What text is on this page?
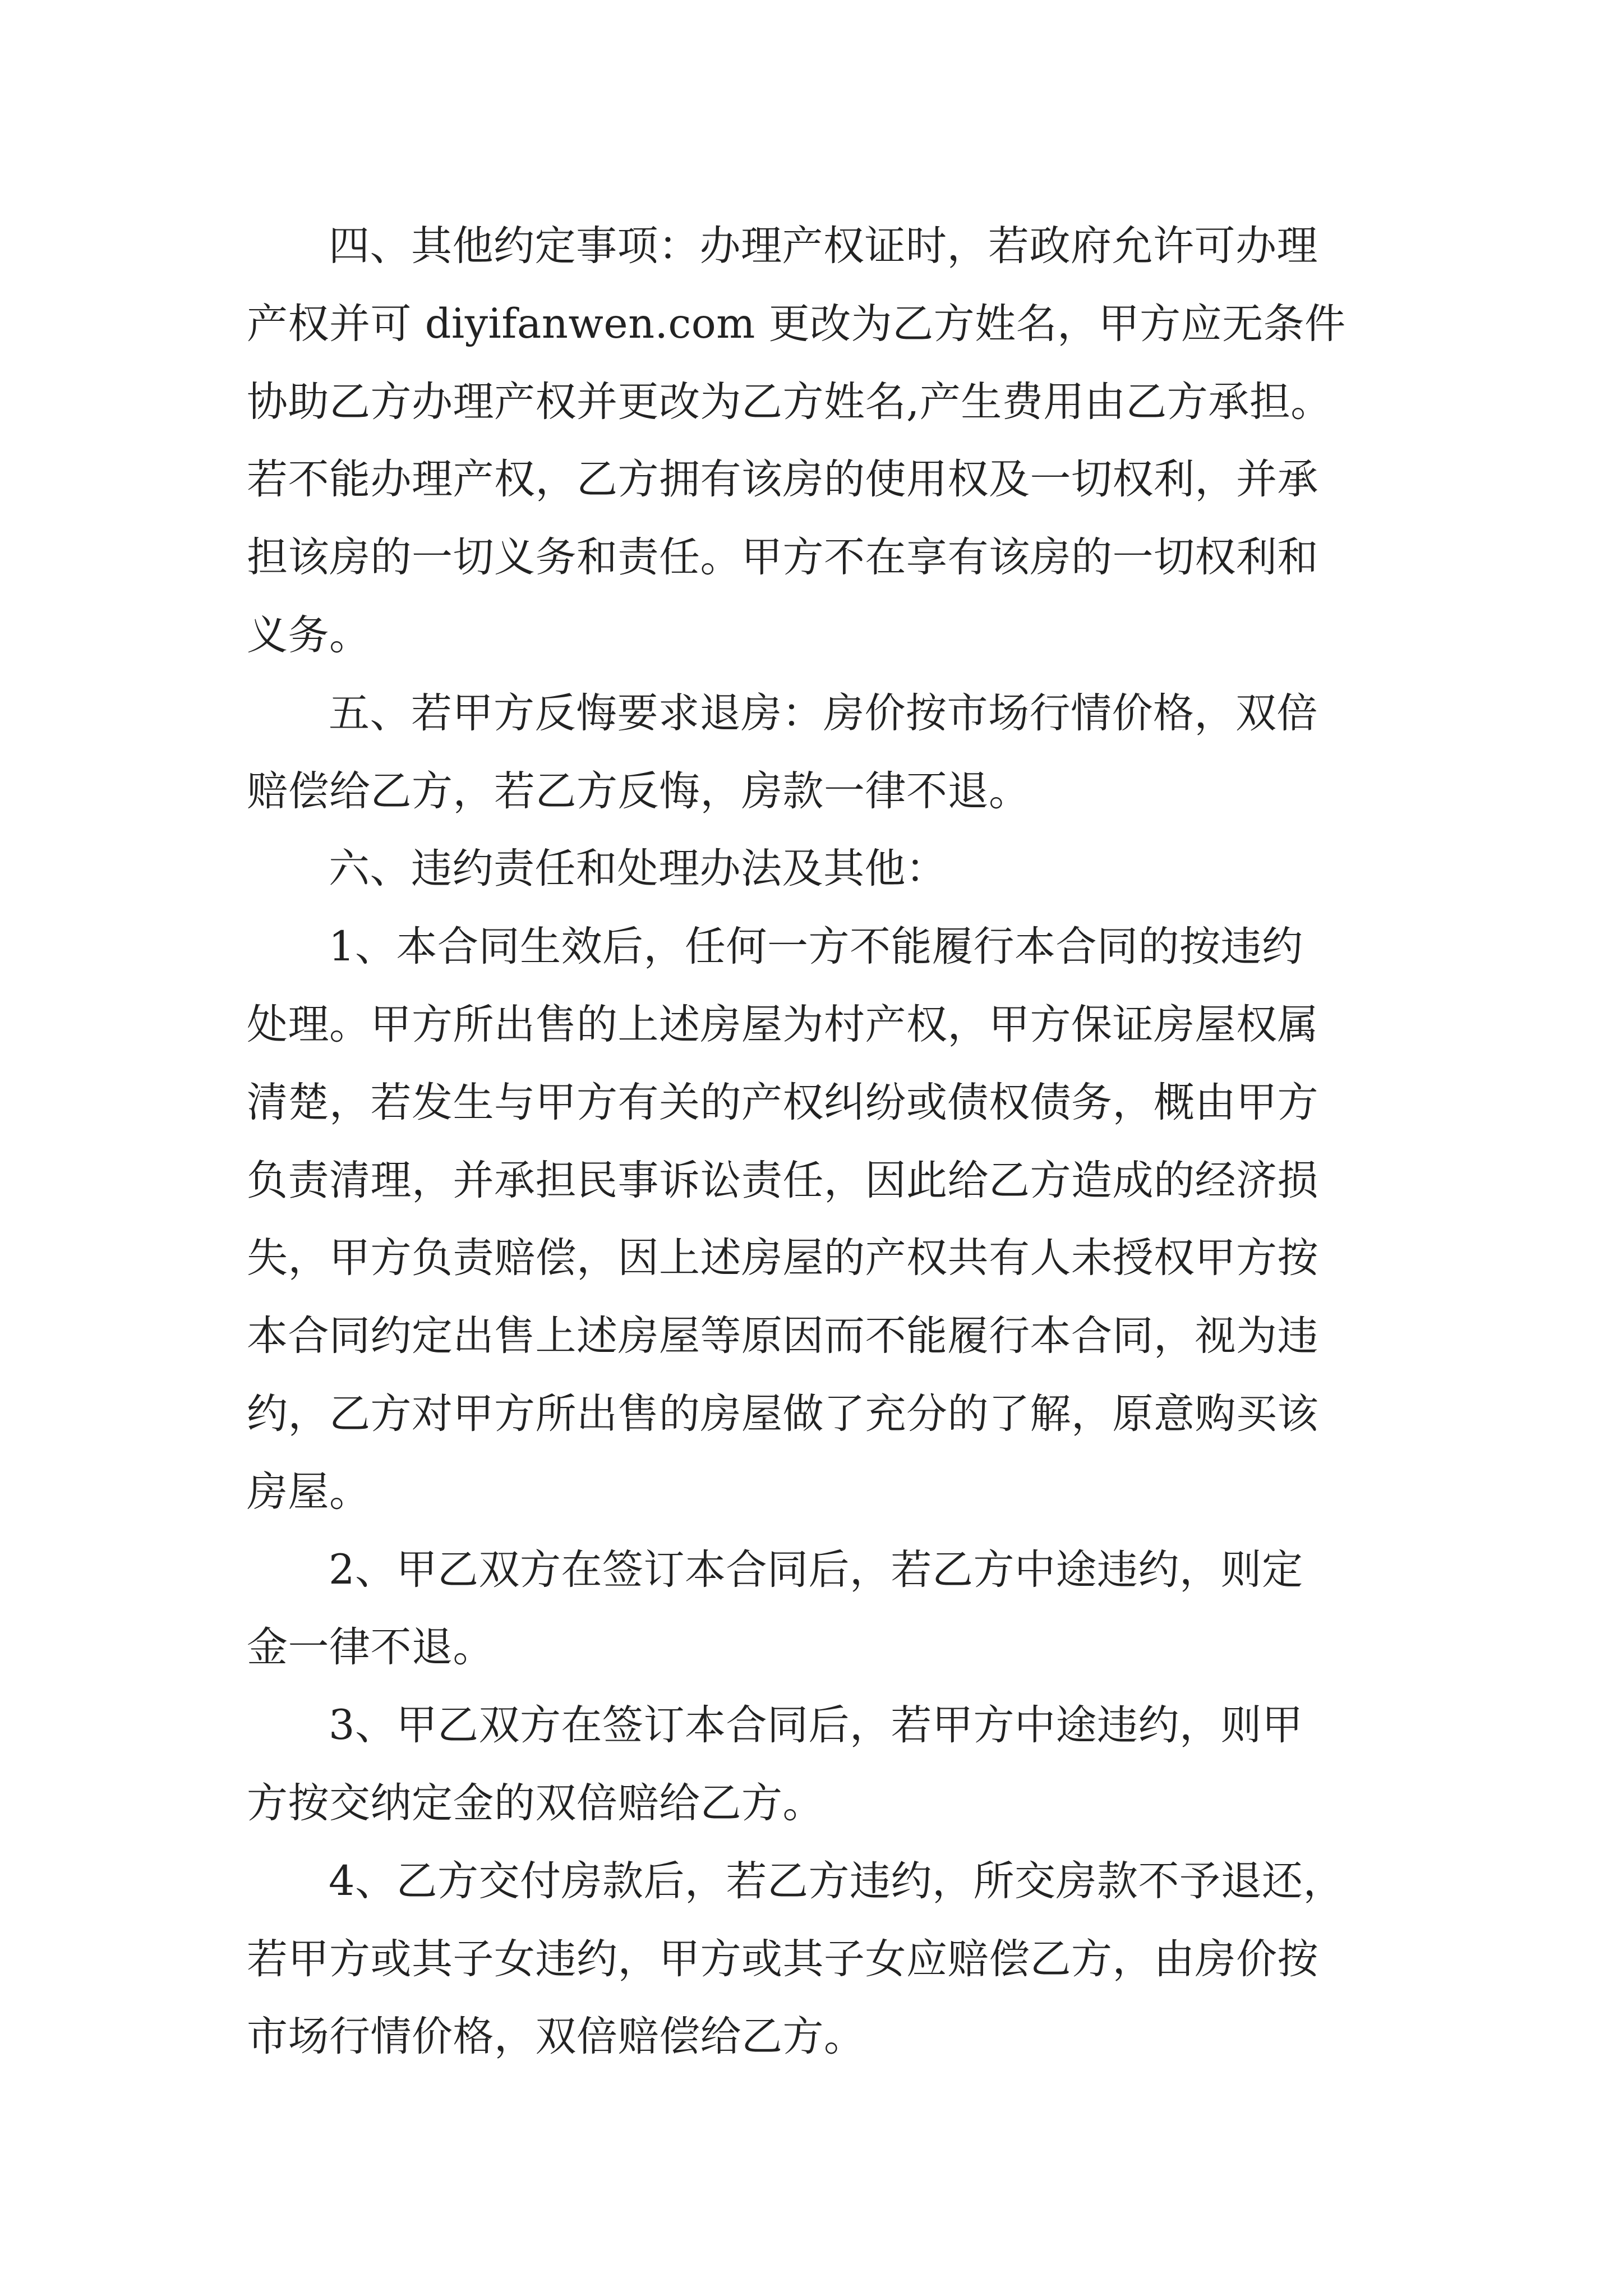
四、其他约定事项：办理产权证时，若政府允许可办理
产权并可 diyifanwen.com 更改为乙方姓名，甲方应无条件
协助乙方办理产权并更改为乙方姓名,产生费用由乙方承担。
若不能办理产权，乙方拥有该房的使用权及一切权利，并承
担该房的一切义务和责任。甲方不在享有该房的一切权利和
义务。
五、若甲方反悔要求退房：房价按市场行情价格，双倍
赔偿给乙方，若乙方反悔，房款一律不退。
六、违约责任和处理办法及其他：
1、本合同生效后，任何一方不能履行本合同的按违约
处理。甲方所出售的上述房屋为村产权，甲方保证房屋权属
清楚，若发生与甲方有关的产权纠纷或债权债务，概由甲方
负责清理，并承担民事诉讼责任，因此给乙方造成的经济损
失，甲方负责赔偿，因上述房屋的产权共有人未授权甲方按
本合同约定出售上述房屋等原因而不能履行本合同，视为违
约，乙方对甲方所出售的房屋做了充分的了解，原意购买该
房屋。
2、甲乙双方在签订本合同后，若乙方中途违约，则定
金一律不退。
3、甲乙双方在签订本合同后，若甲方中途违约，则甲
方按交纳定金的双倍赔给乙方。
4、乙方交付房款后，若乙方违约，所交房款不予退还，
若甲方或其子女违约，甲方或其子女应赔偿乙方，由房价按
市场行情价格，双倍赔偿给乙方。
